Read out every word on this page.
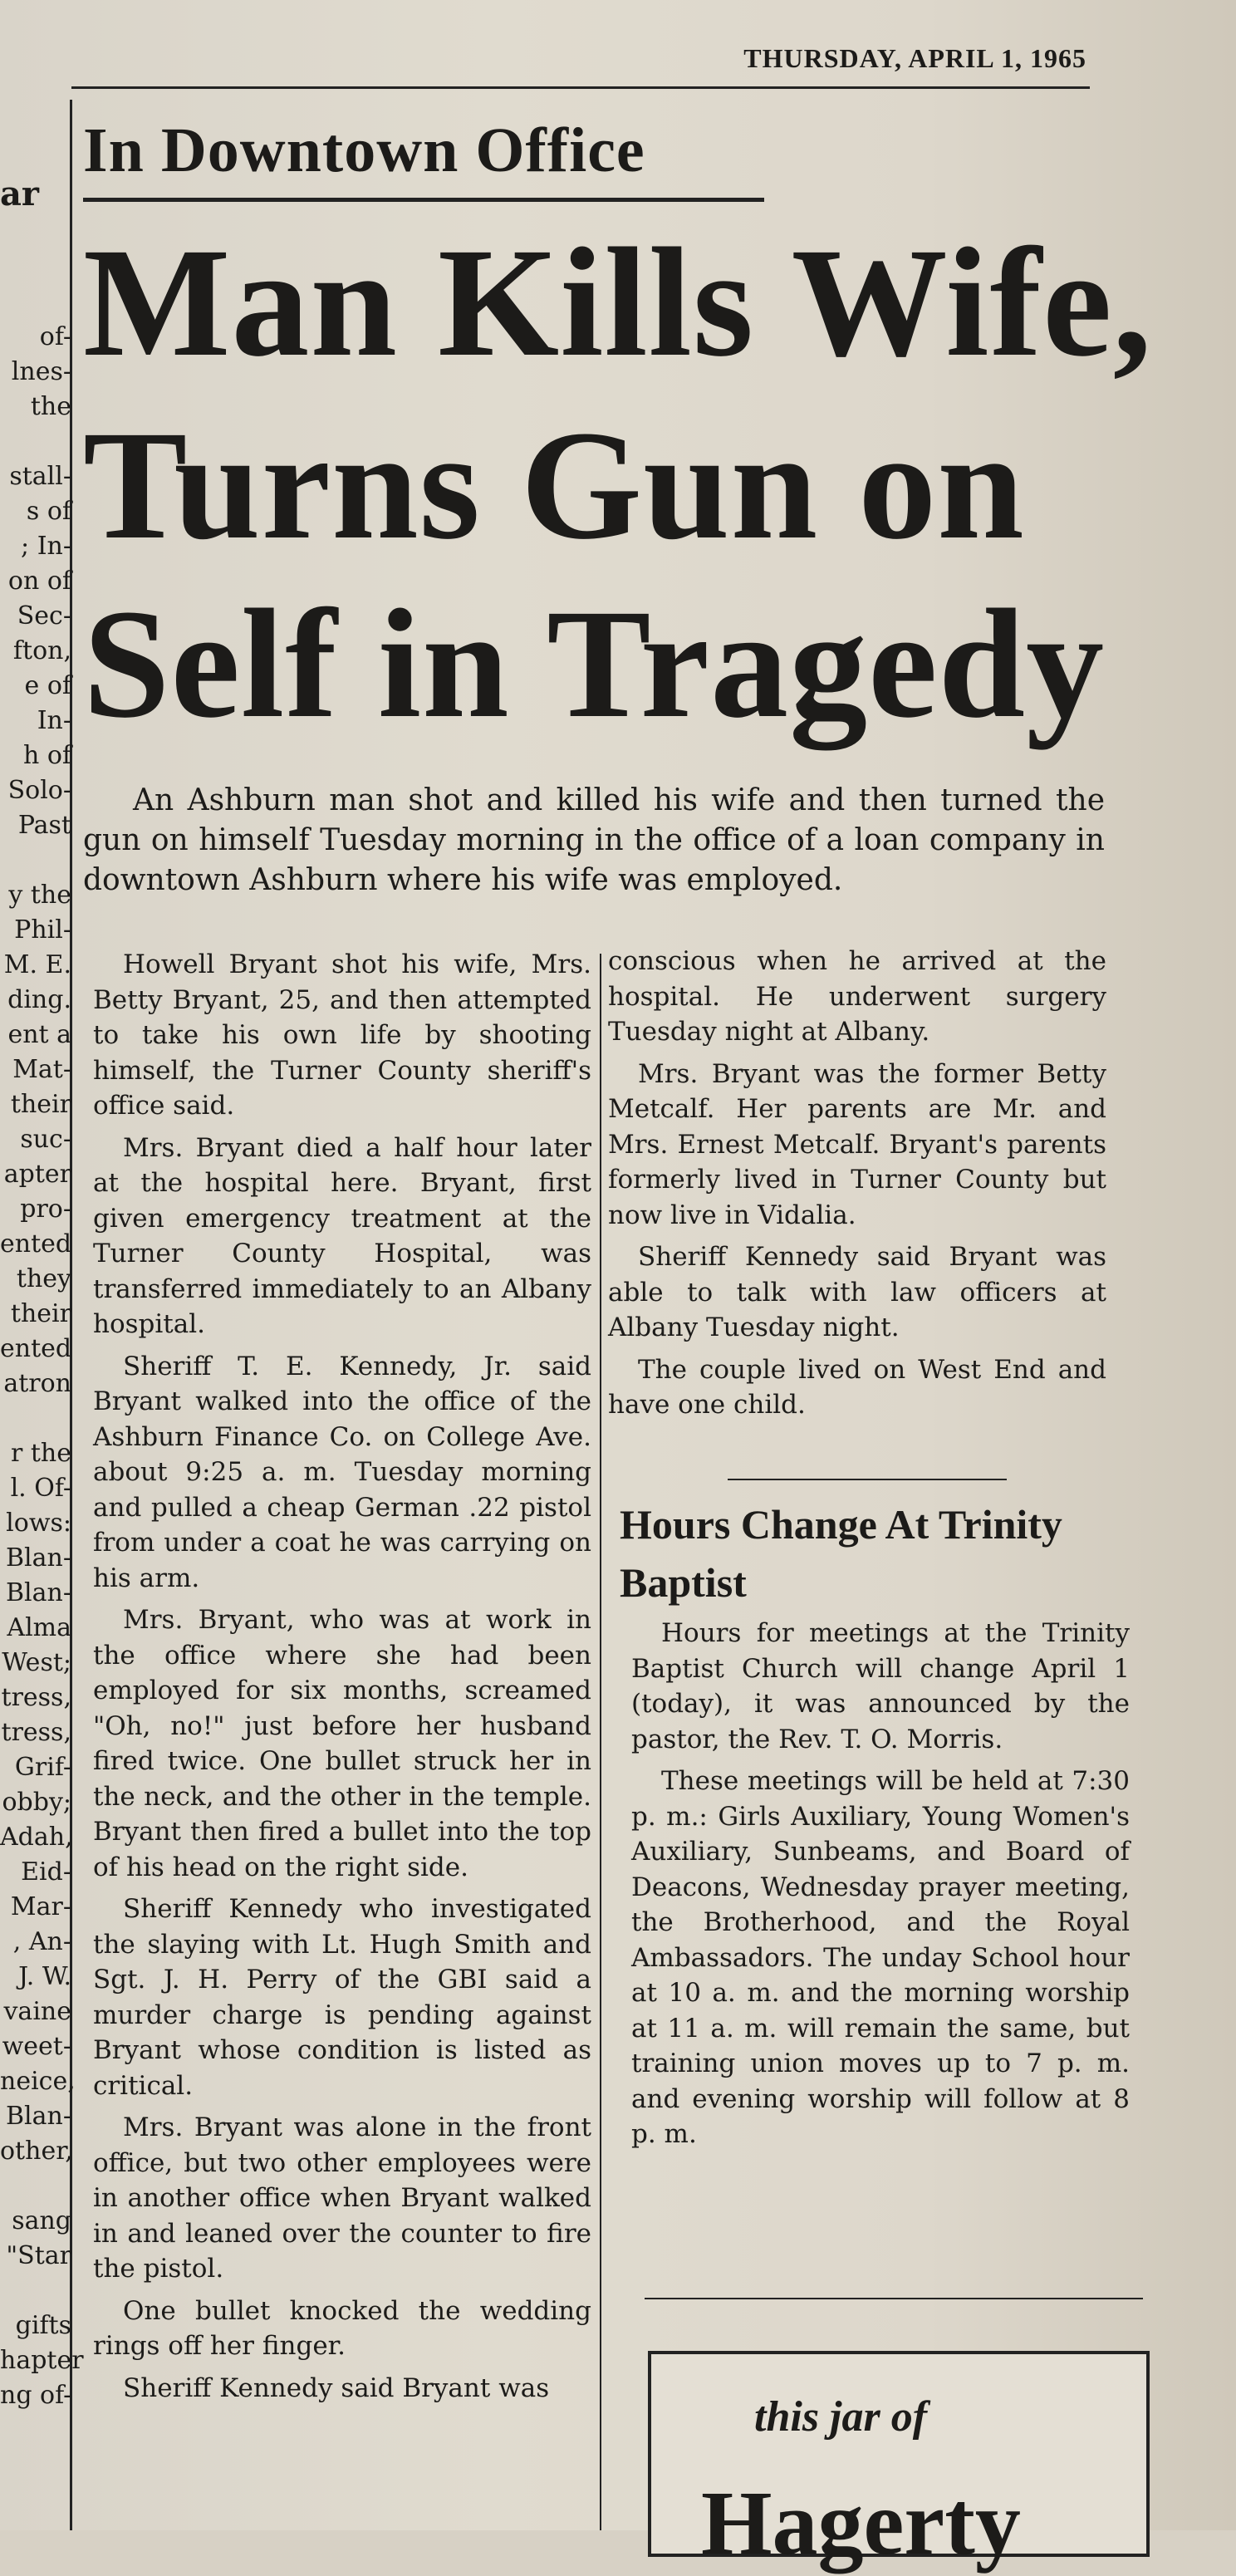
THURSDAY, APRIL 1, 1965
ar
of-
lnes-
the
stall-
s of
; In-
on of
Sec-
fton,
e of
In-
h of
Solo-
Past
y the
Phil-
M. E.
ding.
ent a
Mat-
their
suc-
apter
pro-
ented
they
their
ented
atron
r the
l. Of-
lows:
Blan-
Blan-
Alma
West;
tress,
tress,
Grif-
obby;
Adah,
Eid-
Mar-
, An-
J. W.
vaine
weet-
neice,
Blan-
other,
sang
"Star
gifts
hapter
ng of-
In Downtown Office
Man Kills Wife,
Turns Gun on
Self in Tragedy
An Ashburn man shot and killed his wife and then turned the gun on himself Tuesday morning in the office of a loan company in downtown Ashburn where his wife was employed.

Howell Bryant shot his wife, Mrs. Betty Bryant, 25, and then attempted to take his own life by shooting himself, the Turner County sheriff's office said.

Mrs. Bryant died a half hour later at the hospital here. Bryant, first given emergency treatment at the Turner County Hospital, was transferred immediately to an Albany hospital.

Sheriff T. E. Kennedy, Jr. said Bryant walked into the office of the Ashburn Finance Co. on College Ave. about 9:25 a. m. Tuesday morning and pulled a cheap German .22 pistol from under a coat he was carrying on his arm.

Mrs. Bryant, who was at work in the office where she had been employed for six months, screamed "Oh, no!" just before her husband fired twice. One bullet struck her in the neck, and the other in the temple. Bryant then fired a bullet into the top of his head on the right side.

Sheriff Kennedy who investigated the slaying with Lt. Hugh Smith and Sgt. J. H. Perry of the GBI said a murder charge is pending against Bryant whose condition is listed as critical.

Mrs. Bryant was alone in the front office, but two other employees were in another office when Bryant walked in and leaned over the counter to fire the pistol.

One bullet knocked the wedding rings off her finger.

Sheriff Kennedy said Bryant was

conscious when he arrived at the hospital. He underwent surgery Tuesday night at Albany.

Mrs. Bryant was the former Betty Metcalf. Her parents are Mr. and Mrs. Ernest Metcalf. Bryant's parents formerly lived in Turner County but now live in Vidalia.

Sheriff Kennedy said Bryant was able to talk with law officers at Albany Tuesday night.

The couple lived on West End and have one child.

Hours Change At Trinity Baptist

Hours for meetings at the Trinity Baptist Church will change April 1 (today), it was announced by the pastor, the Rev. T. O. Morris.

These meetings will be held at 7:30 p. m.: Girls Auxiliary, Young Women's Auxiliary, Sunbeams, and Board of Deacons, Wednesday prayer meeting, the Brotherhood, and the Royal Ambassadors. The unday School hour at 10 a. m. and the morning worship at 11 a. m. will remain the same, but training union moves up to 7 p. m. and evening worship will follow at 8 p. m.

this jar of
Hagerty
